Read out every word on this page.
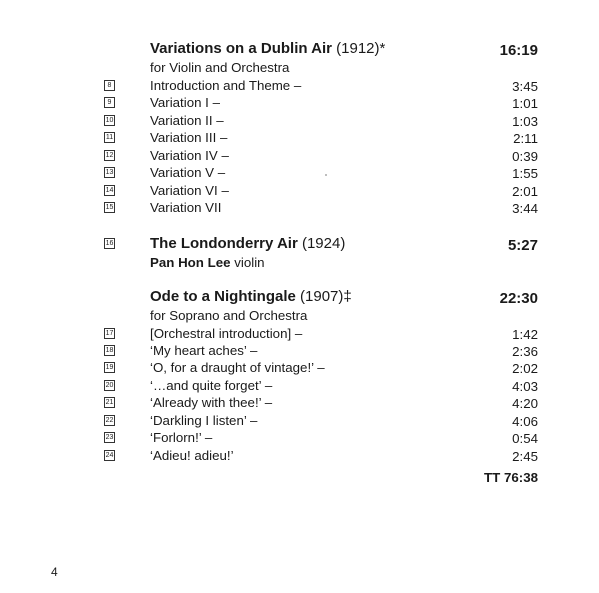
Variations on a Dublin Air (1912)*	16:19
for Violin and Orchestra
8	Introduction and Theme –	3:45
9	Variation I –	1:01
10	Variation II –	1:03
11	Variation III –	2:11
12	Variation IV –	0:39
13	Variation V –	1:55
14	Variation VI –	2:01
15	Variation VII	3:44
16 The Londonderry Air (1924)	5:27
Pan Hon Lee violin
Ode to a Nightingale (1907)‡	22:30
for Soprano and Orchestra
17	[Orchestral introduction] –	1:42
18	‘My heart aches’ –	2:36
19	‘O, for a draught of vintage!’ –	2:02
20	‘…and quite forget’ –	4:03
21	‘Already with thee!’ –	4:20
22	‘Darkling I listen’ –	4:06
23	‘Forlorn!’ –	0:54
24	‘Adieu! adieu!’	2:45
TT 76:38
4
